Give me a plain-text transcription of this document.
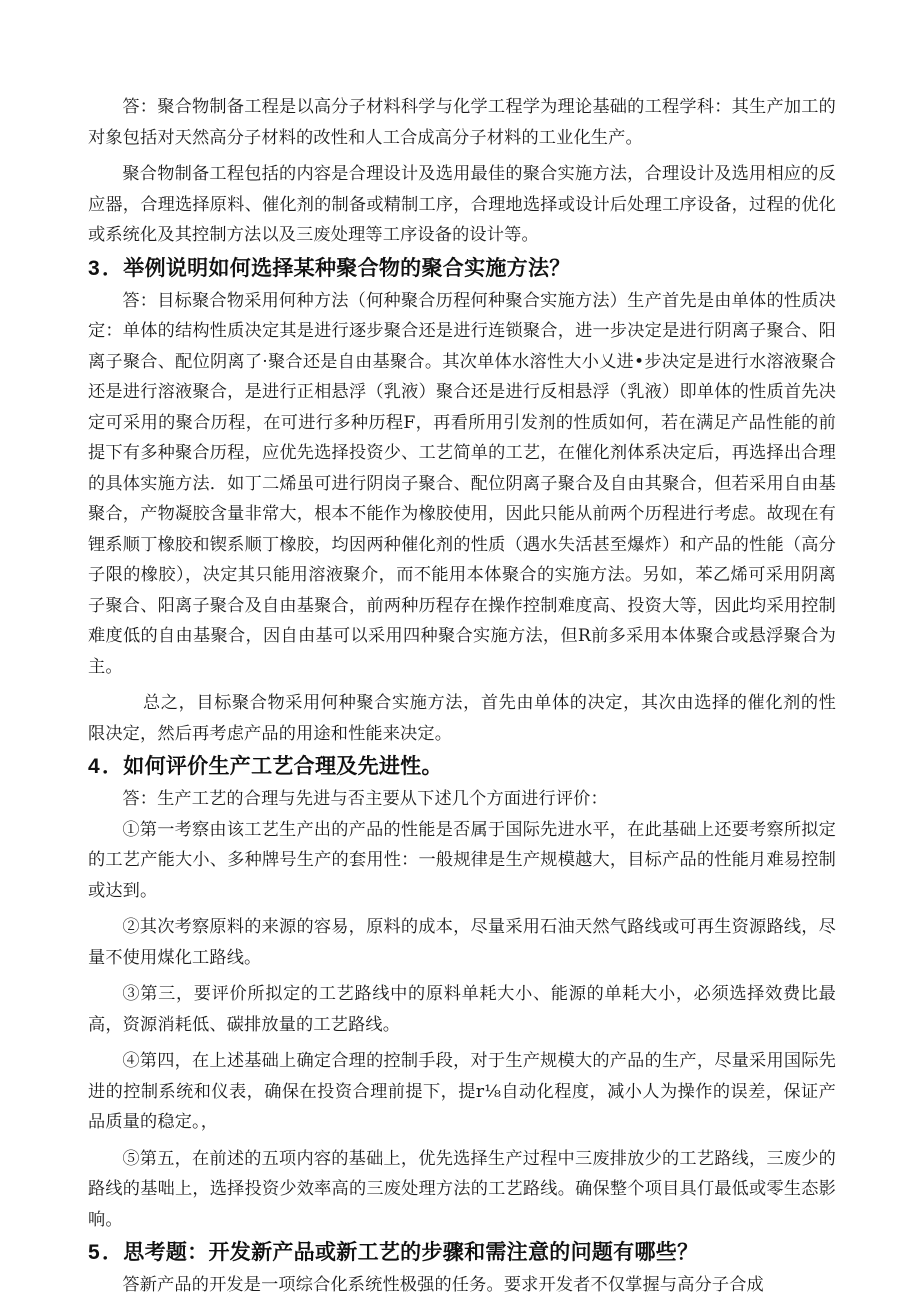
答：聚合物制备工程是以高分子材料科学与化学工程学为理论基础的工程学科：其生产加工的对象包括对天然高分子材料的改性和人工合成高分子材料的工业化生产。

聚合物制备工程包括的内容是合理设计及选用最佳的聚合实施方法，合理设计及选用相应的反应器，合理选择原料、催化剂的制备或精制工序，合理地选择或设计后处理工序设备，过程的优化或系统化及其控制方法以及三废处理等工序设备的设计等。

3．举例说明如何选择某种聚合物的聚合实施方法？

答：目标聚合物采用何种方法（何种聚合历程何种聚合实施方法）生产首先是由单体的性质决定：单体的结构性质决定其是进行逐步聚合还是进行连锁聚合，进一步决定是进行阴离子聚合、阳离子聚合、配位阴离了·聚合还是自由基聚合。其次单体水溶性大小乂进•步决定是进行水溶液聚合还是进行溶液聚合，是进行正相悬浮（乳液）聚合还是进行反相悬浮（乳液）即单体的性质首先决定可采用的聚合历程，在可进行多种历程F，再看所用引发剂的性质如何，若在满足产品性能的前提下有多种聚合历程，应优先选择投资少、工艺简单的工艺，在催化剂体系决定后，再选择出合理的具体实施方法．如丁二烯虽可进行阴岗子聚合、配位阴离子聚合及自由其聚合，但若采用自由基聚合，产物凝胶含量非常大，根本不能作为橡胶使用，因此只能从前两个历程进行考虑。故现在有锂系顺丁橡胶和锲系顺丁橡胶，均因两种催化剂的性质（遇水失活甚至爆炸）和产品的性能（高分子限的橡胶），决定其只能用溶液聚介，而不能用本体聚合的实施方法。另如，苯乙烯可采用阴离子聚合、阳离子聚合及自由基聚合，前两种历程存在操作控制难度高、投资大等，因此均采用控制难度低的自由基聚合，因自由基可以采用四种聚合实施方法，但R前多采用本体聚合或悬浮聚合为主。

总之，目标聚合物采用何种聚合实施方法，首先由单体的决定，其次由选择的催化剂的性限决定，然后再考虑产品的用途和性能来决定。

4．如何评价生产工艺合理及先进性。

答：生产工艺的合理与先进与否主要从下述几个方面进行评价：

①第一考察由该工艺生产出的产品的性能是否属于国际先进水平，在此基础上还要考察所拟定的工艺产能大小、多种牌号生产的套用性：一般规律是生产规模越大，目标产品的性能月难易控制或达到。

②其次考察原料的来源的容易，原料的成本，尽量采用石油天然气路线或可再生资源路线，尽量不使用煤化工路线。

③第三，要评价所拟定的工艺路线中的原料单耗大小、能源的单耗大小，必须选择效费比最高，资源消耗低、碳排放量的工艺路线。

④第四，在上述基础上确定合理的控制手段，对于生产规模大的产品的生产，尽量采用国际先进的控制系统和仪表，确保在投资合理前提下，提r⅛自动化程度，减小人为操作的误差，保证产品质量的稳定。，

⑤第五，在前述的五项内容的基础上，优先选择生产过程中三废排放少的工艺路线，三废少的路线的基咄上，选择投资少效率高的三废处理方法的工艺路线。确保整个项目具仃最低或零生态影响。

5．思考题：开发新产品或新工艺的步骤和需注意的问题有哪些？

答新产品的开发是一项综合化系统性极强的任务。要求开发者不仅掌握与高分子合成
